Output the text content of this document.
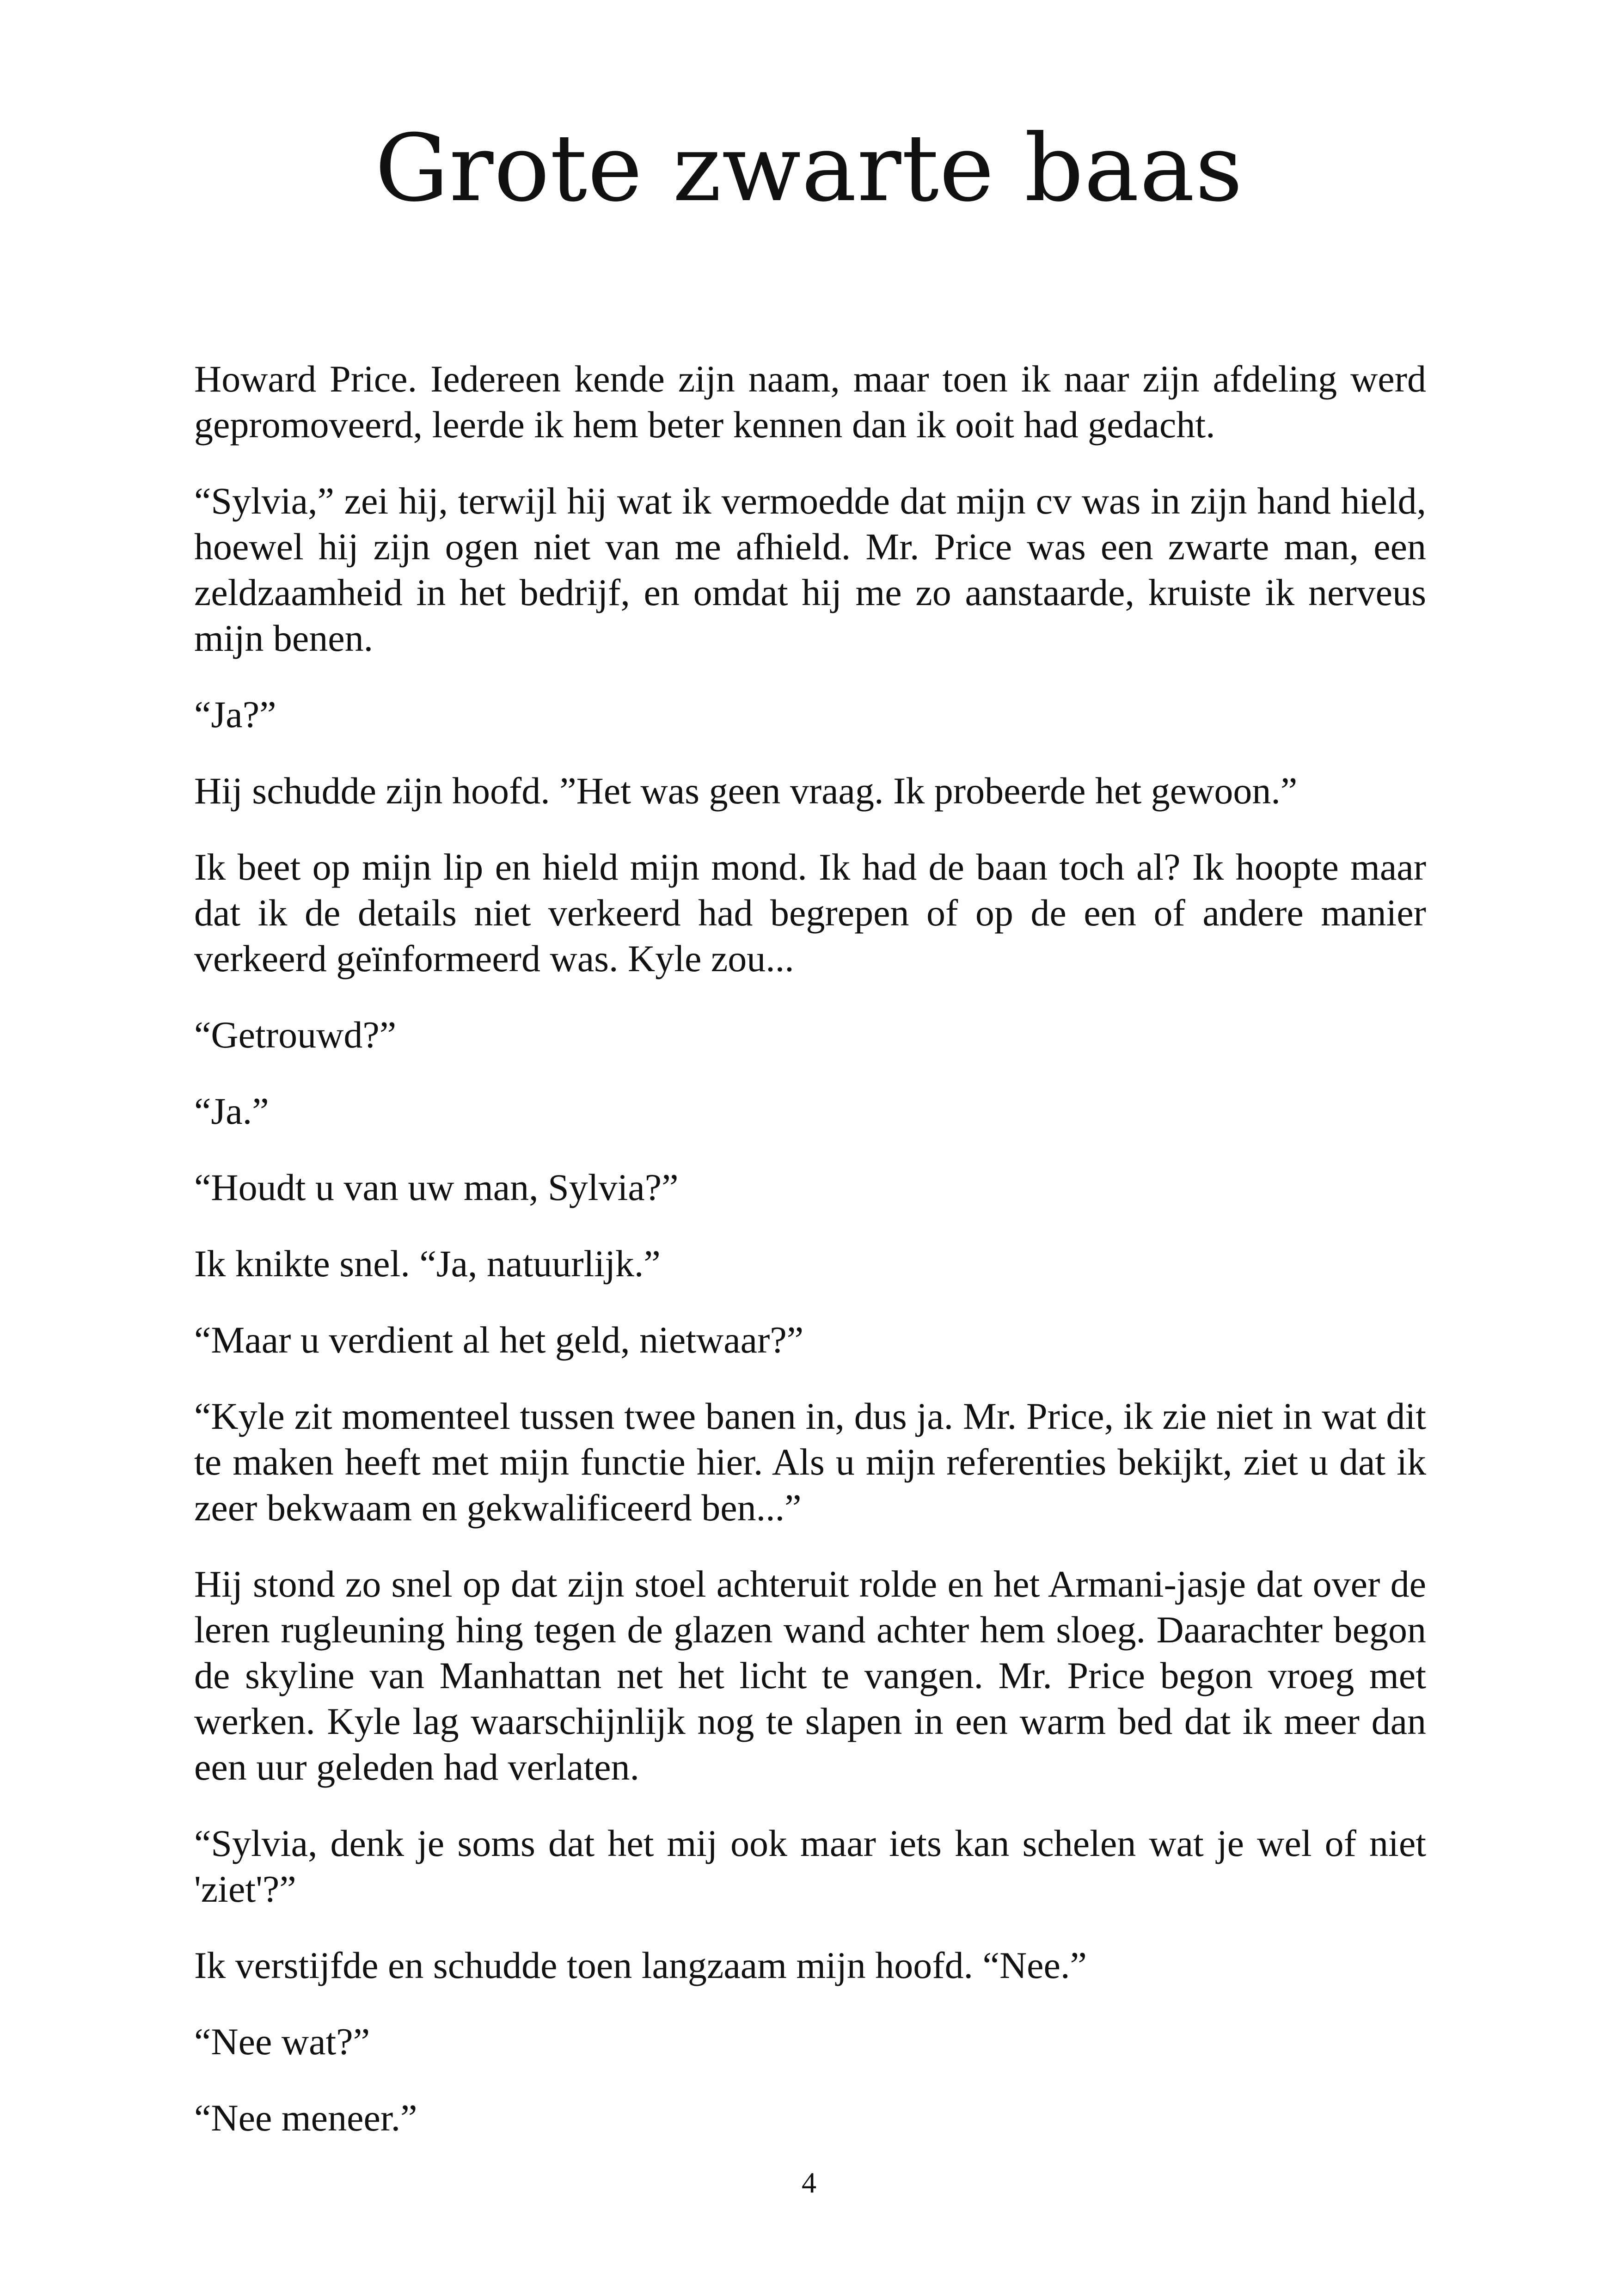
Grote zwarte baas

Howard Price. Iedereen kende zijn naam, maar toen ik naar zijn afdeling werd gepromoveerd, leerde ik hem beter kennen dan ik ooit had gedacht.

“Sylvia,” zei hij, terwijl hij wat ik vermoedde dat mijn cv was in zijn hand hield, hoewel hij zijn ogen niet van me afhield. Mr. Price was een zwarte man, een zeldzaamheid in het bedrijf, en omdat hij me zo aanstaarde, kruiste ik nerveus mijn benen.

“Ja?”

Hij schudde zijn hoofd. ”Het was geen vraag. Ik probeerde het gewoon.”

Ik beet op mijn lip en hield mijn mond. Ik had de baan toch al? Ik hoopte maar dat ik de details niet verkeerd had begrepen of op de een of andere manier verkeerd geïnformeerd was. Kyle zou...

“Getrouwd?”

“Ja.”

“Houdt u van uw man, Sylvia?”

Ik knikte snel. “Ja, natuurlijk.”

“Maar u verdient al het geld, nietwaar?”

“Kyle zit momenteel tussen twee banen in, dus ja. Mr. Price, ik zie niet in wat dit te maken heeft met mijn functie hier. Als u mijn referenties bekijkt, ziet u dat ik zeer bekwaam en gekwalificeerd ben...”

Hij stond zo snel op dat zijn stoel achteruit rolde en het Armani-jasje dat over de leren rugleuning hing tegen de glazen wand achter hem sloeg. Daarachter begon de skyline van Manhattan net het licht te vangen. Mr. Price begon vroeg met werken. Kyle lag waarschijnlijk nog te slapen in een warm bed dat ik meer dan een uur geleden had verlaten.

“Sylvia, denk je soms dat het mij ook maar iets kan schelen wat je wel of niet 'ziet'?”

Ik verstijfde en schudde toen langzaam mijn hoofd. “Nee.”

“Nee wat?”

“Nee meneer.”

4
